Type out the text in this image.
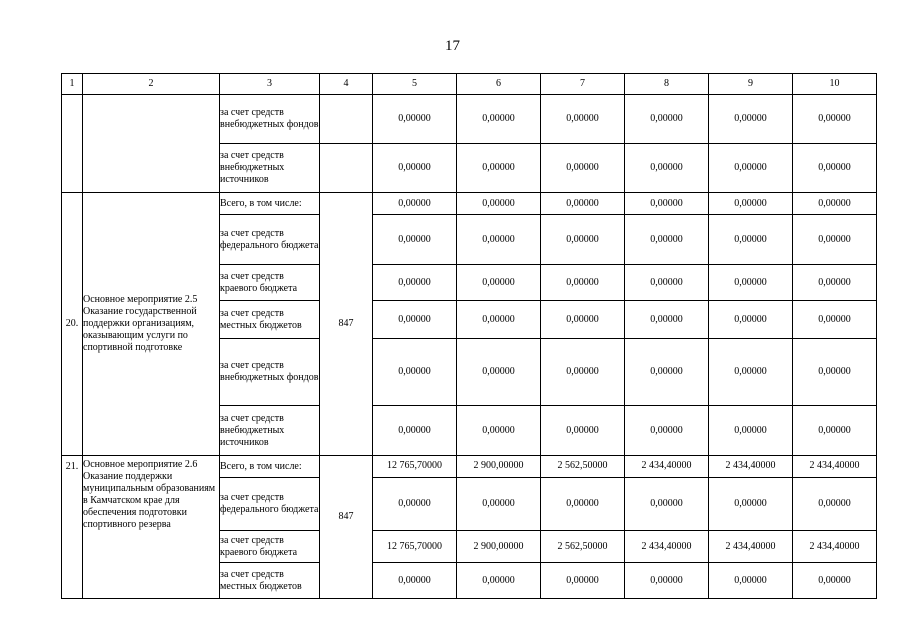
17
1	2	3	4	5	6	7	8	9	10
		за счет средств внебюджетных фондов		0,00000	0,00000	0,00000	0,00000	0,00000	0,00000
		за счет средств внебюджетных источников		0,00000	0,00000	0,00000	0,00000	0,00000	0,00000
20.	Основное мероприятие 2.5 Оказание государственной поддержки организациям, оказывающим услуги по спортивной подготовке	Всего, в том числе:	847	0,00000	0,00000	0,00000	0,00000	0,00000	0,00000
		за счет средств федерального бюджета		0,00000	0,00000	0,00000	0,00000	0,00000	0,00000
		за счет средств краевого бюджета		0,00000	0,00000	0,00000	0,00000	0,00000	0,00000
		за счет средств местных бюджетов		0,00000	0,00000	0,00000	0,00000	0,00000	0,00000
		за счет средств внебюджетных фондов		0,00000	0,00000	0,00000	0,00000	0,00000	0,00000
		за счет средств внебюджетных источников		0,00000	0,00000	0,00000	0,00000	0,00000	0,00000
21.	Основное мероприятие 2.6 Оказание поддержки муниципальным образованиям в Камчатском крае для обеспечения подготовки спортивного резерва	Всего, в том числе:	847	12 765,70000	2 900,00000	2 562,50000	2 434,40000	2 434,40000	2 434,40000
		за счет средств федерального бюджета		0,00000	0,00000	0,00000	0,00000	0,00000	0,00000
		за счет средств краевого бюджета		12 765,70000	2 900,00000	2 562,50000	2 434,40000	2 434,40000	2 434,40000
		за счет средств местных бюджетов		0,00000	0,00000	0,00000	0,00000	0,00000	0,00000
